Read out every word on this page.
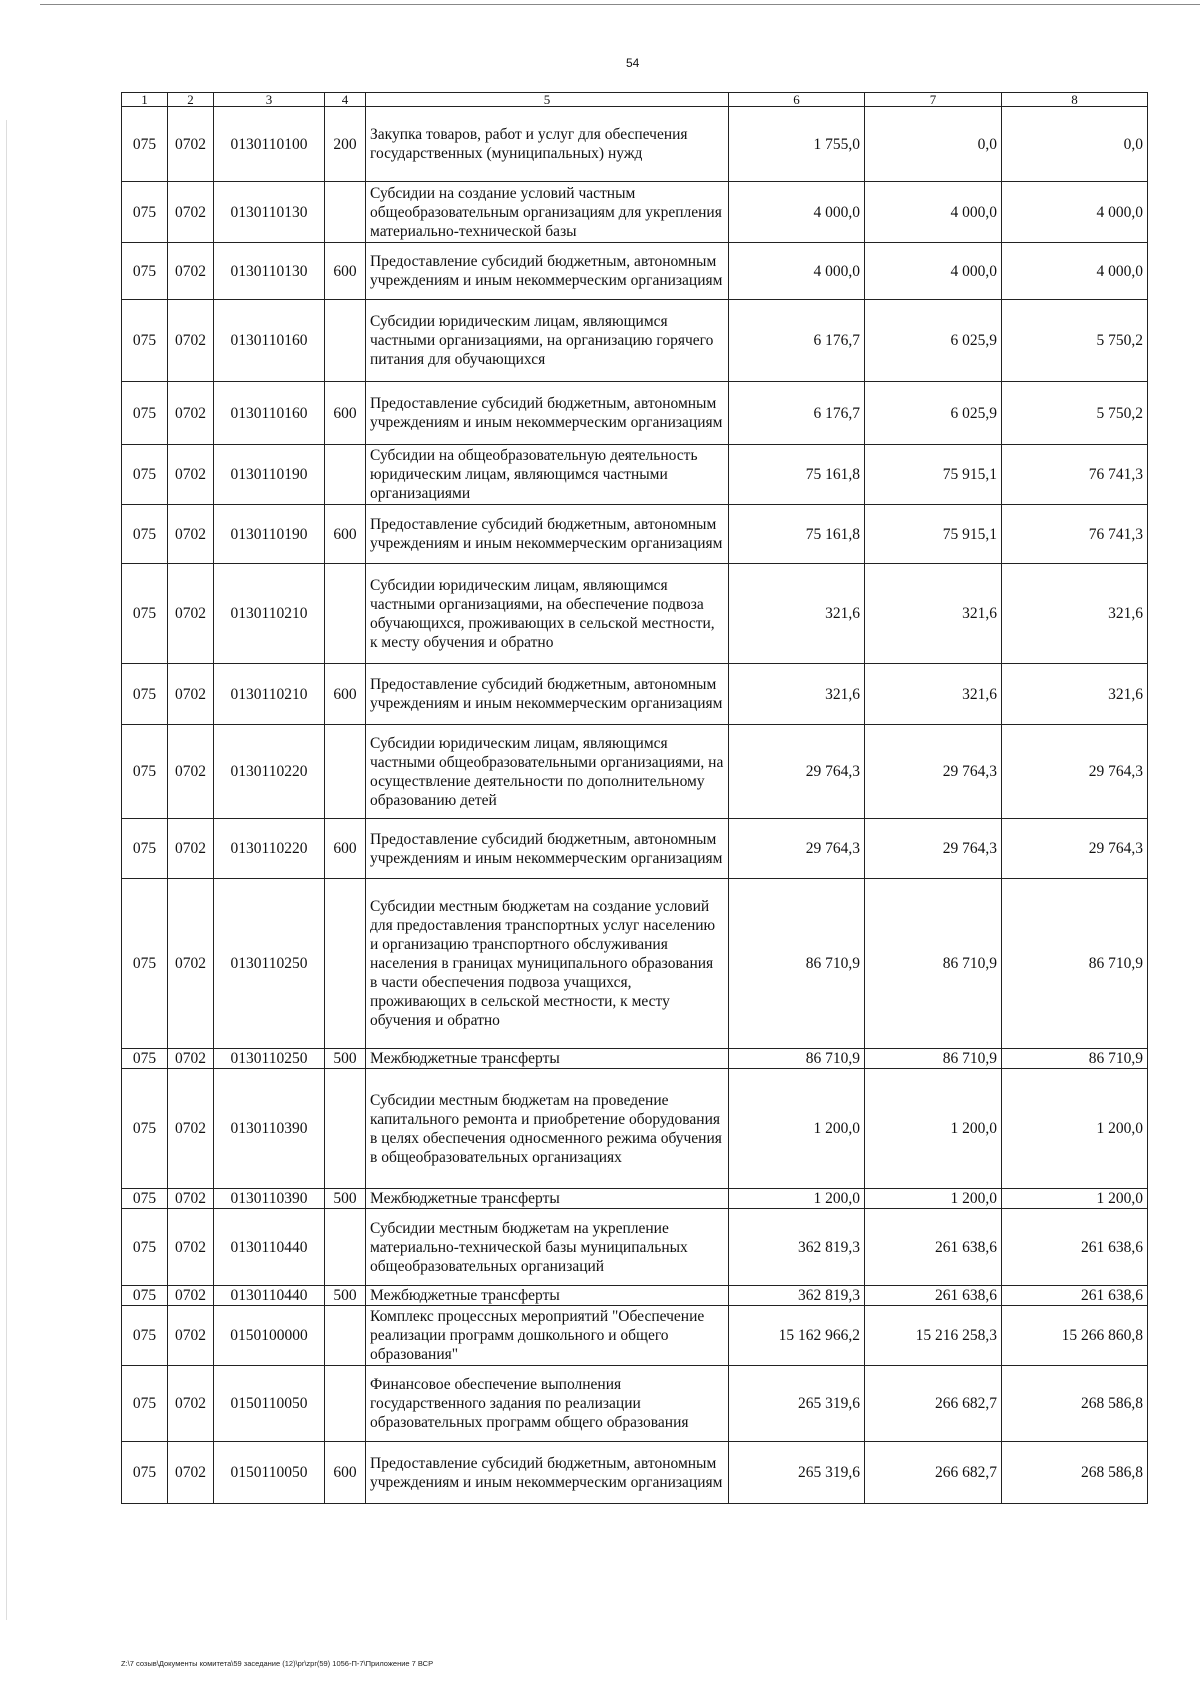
54
1	2	3	4	5	6	7	8
075	0702	0130110100	200	Закупка товаров, работ и услуг для обеспечения государственных (муниципальных) нужд	1 755,0	0,0	0,0
075	0702	0130110130		Субсидии на создание условий частным общеобразовательным организациям для укрепления материально-технической базы	4 000,0	4 000,0	4 000,0
075	0702	0130110130	600	Предоставление субсидий бюджетным, автономным учреждениям и иным некоммерческим организациям	4 000,0	4 000,0	4 000,0
075	0702	0130110160		Субсидии юридическим лицам, являющимся частными организациями, на организацию горячего питания для обучающихся	6 176,7	6 025,9	5 750,2
075	0702	0130110160	600	Предоставление субсидий бюджетным, автономным учреждениям и иным некоммерческим организациям	6 176,7	6 025,9	5 750,2
075	0702	0130110190		Субсидии на общеобразовательную деятельность юридическим лицам, являющимся частными организациями	75 161,8	75 915,1	76 741,3
075	0702	0130110190	600	Предоставление субсидий бюджетным, автономным учреждениям и иным некоммерческим организациям	75 161,8	75 915,1	76 741,3
075	0702	0130110210		Субсидии юридическим лицам, являющимся частными организациями, на обеспечение подвоза обучающихся, проживающих в сельской местности, к месту обучения и обратно	321,6	321,6	321,6
075	0702	0130110210	600	Предоставление субсидий бюджетным, автономным учреждениям и иным некоммерческим организациям	321,6	321,6	321,6
075	0702	0130110220		Субсидии юридическим лицам, являющимся частными общеобразовательными организациями, на осуществление деятельности по дополнительному образованию детей	29 764,3	29 764,3	29 764,3
075	0702	0130110220	600	Предоставление субсидий бюджетным, автономным учреждениям и иным некоммерческим организациям	29 764,3	29 764,3	29 764,3
075	0702	0130110250		Субсидии местным бюджетам на создание условий для предоставления транспортных услуг населению и организацию транспортного обслуживания населения в границах муниципального образования в части обеспечения подвоза учащихся, проживающих в сельской местности, к месту обучения и обратно	86 710,9	86 710,9	86 710,9
075	0702	0130110250	500	Межбюджетные трансферты	86 710,9	86 710,9	86 710,9
075	0702	0130110390		Субсидии местным бюджетам на проведение капитального ремонта и приобретение оборудования в целях обеспечения односменного режима обучения в общеобразовательных организациях	1 200,0	1 200,0	1 200,0
075	0702	0130110390	500	Межбюджетные трансферты	1 200,0	1 200,0	1 200,0
075	0702	0130110440		Субсидии местным бюджетам на укрепление материально-технической базы муниципальных общеобразовательных организаций	362 819,3	261 638,6	261 638,6
075	0702	0130110440	500	Межбюджетные трансферты	362 819,3	261 638,6	261 638,6
075	0702	0150100000		Комплекс процессных мероприятий "Обеспечение реализации программ дошкольного и общего образования"	15 162 966,2	15 216 258,3	15 266 860,8
075	0702	0150110050		Финансовое обеспечение выполнения государственного задания по реализации образовательных программ общего образования	265 319,6	266 682,7	268 586,8
075	0702	0150110050	600	Предоставление субсидий бюджетным, автономным учреждениям и иным некоммерческим организациям	265 319,6	266 682,7	268 586,8
Z:\7 созыв\Документы комитета\59 заседание (12)\pr\zpr(59) 1056-П-7\Приложение 7 ВСР
